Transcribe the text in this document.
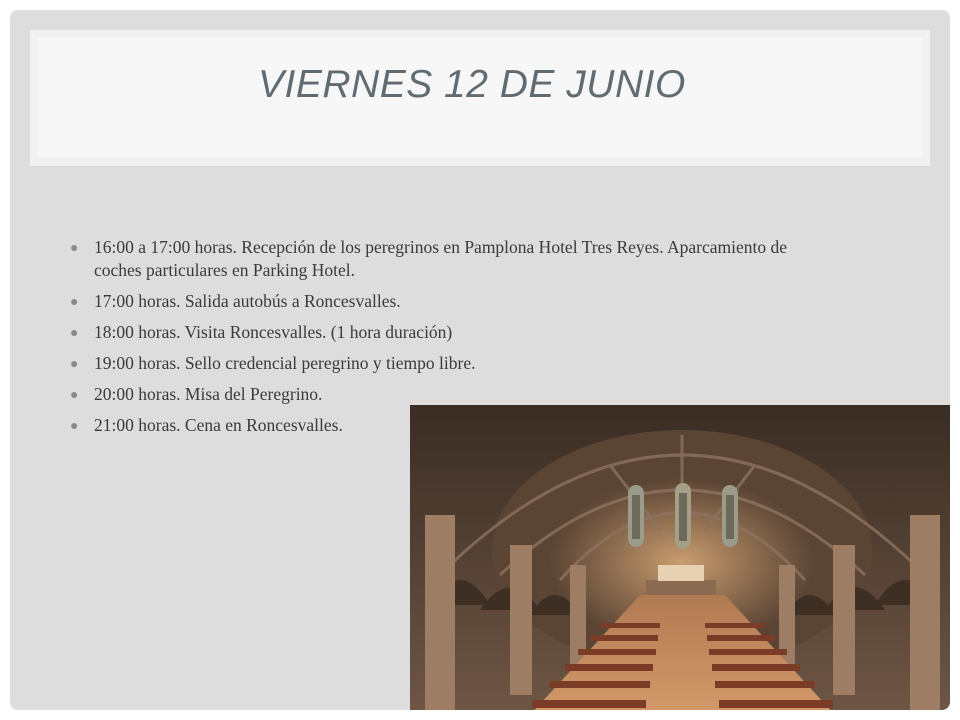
VIERNES 12 DE JUNIO
● 16:00 a 17:00 horas. Recepción de los peregrinos en Pamplona Hotel Tres Reyes. Aparcamiento de coches particulares en Parking Hotel.
● 17:00 horas. Salida autobús a Roncesvalles.
● 18:00 horas. Visita Roncesvalles. (1 hora duración)
● 19:00 horas. Sello credencial peregrino y tiempo libre.
● 20:00 horas. Misa del Peregrino.
● 21:00 horas. Cena en Roncesvalles.
